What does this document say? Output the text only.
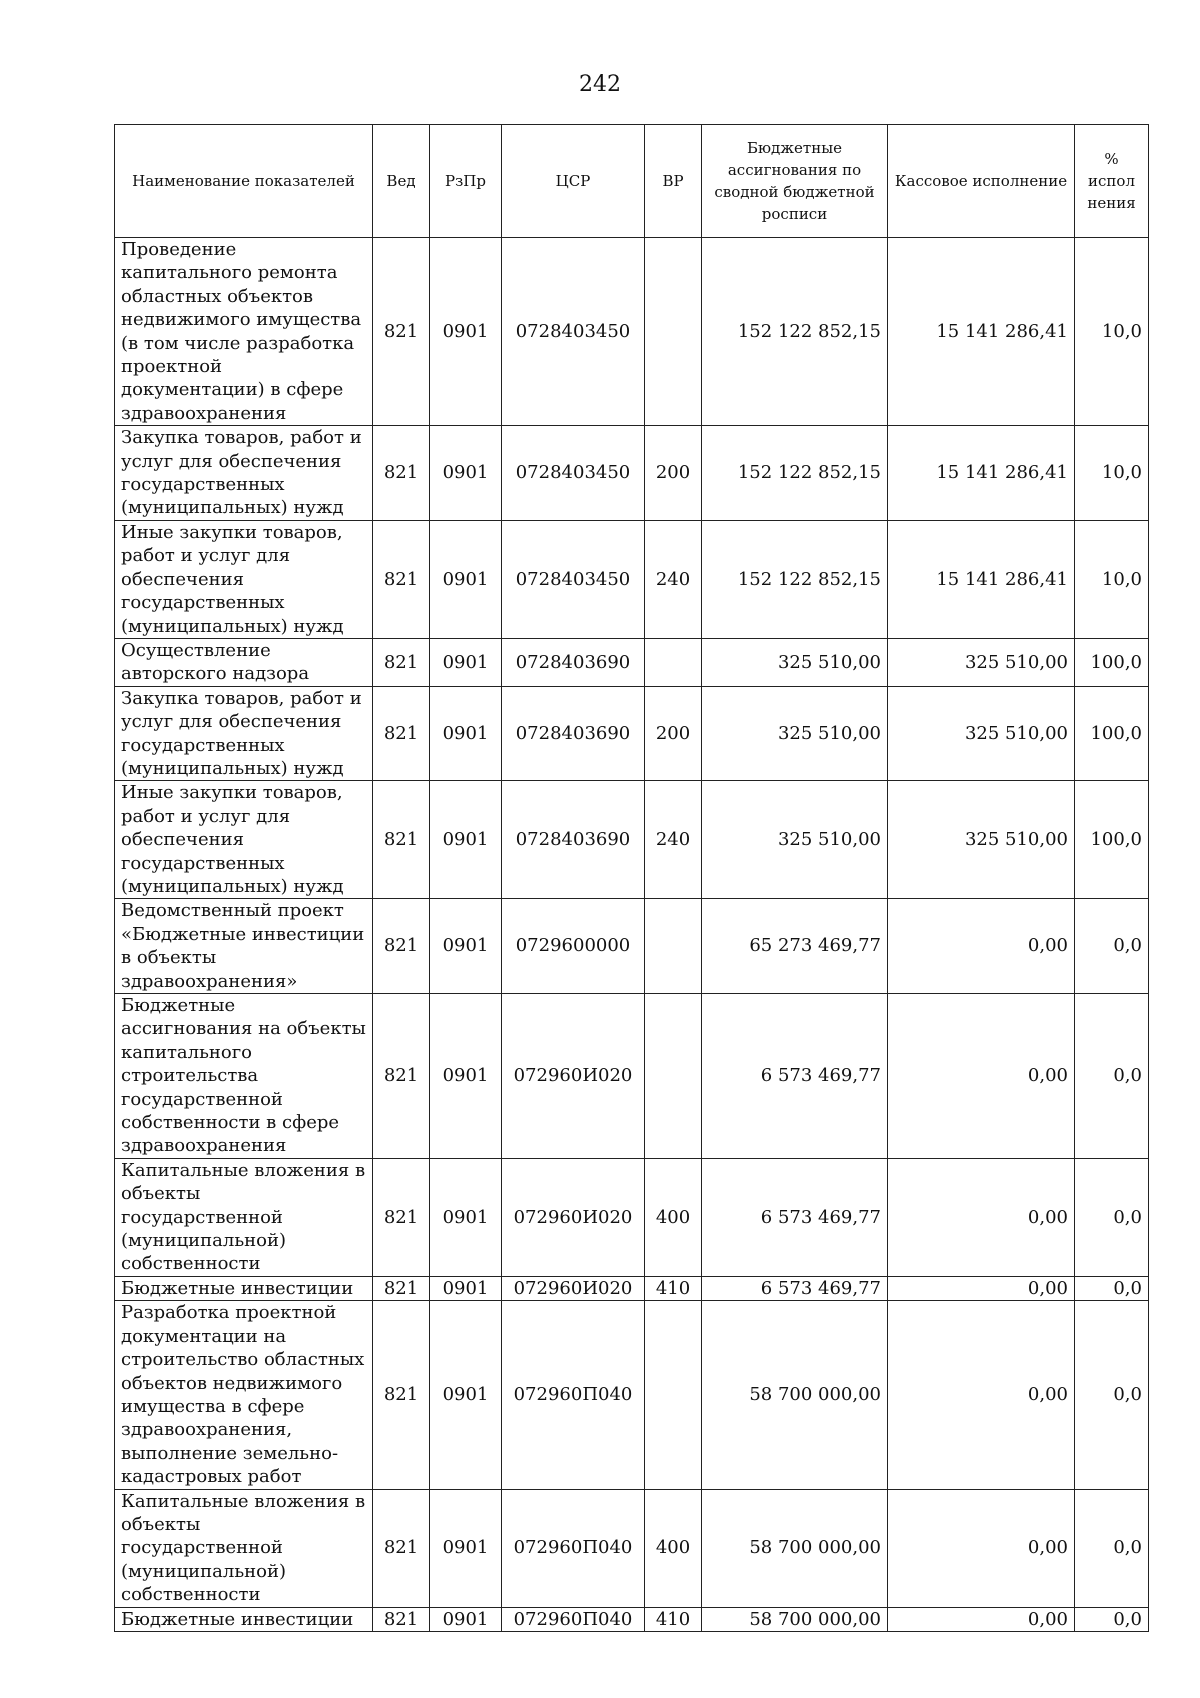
242
Наименование показателей	Вед	РзПр	ЦСР	ВР	Бюджетные ассигнования по сводной бюджетной росписи	Кассовое исполнение	% испол нения
Проведение капитального ремонта областных объектов недвижимого имущества (в том числе разработка проектной документации) в сфере здравоохранения	821	0901	0728403450		152 122 852,15	15 141 286,41	10,0
Закупка товаров, работ и услуг для обеспечения государственных (муниципальных) нужд	821	0901	0728403450	200	152 122 852,15	15 141 286,41	10,0
Иные закупки товаров, работ и услуг для обеспечения государственных (муниципальных) нужд	821	0901	0728403450	240	152 122 852,15	15 141 286,41	10,0
Осуществление авторского надзора	821	0901	0728403690		325 510,00	325 510,00	100,0
Закупка товаров, работ и услуг для обеспечения государственных (муниципальных) нужд	821	0901	0728403690	200	325 510,00	325 510,00	100,0
Иные закупки товаров, работ и услуг для обеспечения государственных (муниципальных) нужд	821	0901	0728403690	240	325 510,00	325 510,00	100,0
Ведомственный проект «Бюджетные инвестиции в объекты здравоохранения»	821	0901	0729600000		65 273 469,77	0,00	0,0
Бюджетные ассигнования на объекты капитального строительства государственной собственности в сфере здравоохранения	821	0901	072960И020		6 573 469,77	0,00	0,0
Капитальные вложения в объекты государственной (муниципальной) собственности	821	0901	072960И020	400	6 573 469,77	0,00	0,0
Бюджетные инвестиции	821	0901	072960И020	410	6 573 469,77	0,00	0,0
Разработка проектной документации на строительство областных объектов недвижимого имущества в сфере здравоохранения, выполнение земельно-кадастровых работ	821	0901	072960П040		58 700 000,00	0,00	0,0
Капитальные вложения в объекты государственной (муниципальной) собственности	821	0901	072960П040	400	58 700 000,00	0,00	0,0
Бюджетные инвестиции	821	0901	072960П040	410	58 700 000,00	0,00	0,0
